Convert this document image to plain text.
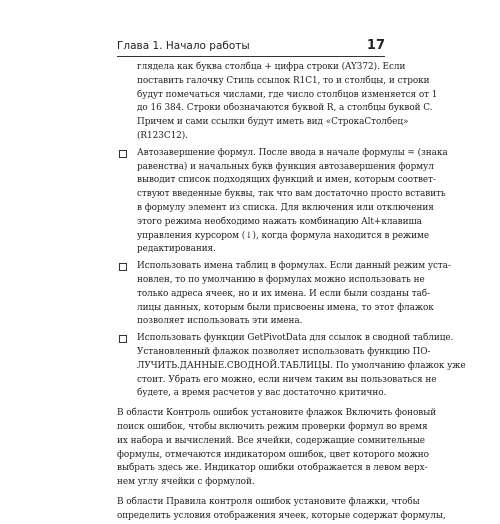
Глава 1. Начало работы	17
глядела как буква столбца + цифра строки (AY372). Если
поставить галочку Стиль ссылок R1C1, то и столбцы, и строки
будут помечаться числами, где число столбцов изменяется от 1
до 16 384. Строки обозначаются буквой R, а столбцы буквой C.
Причем и сами ссылки будут иметь вид «СтрокаСтолбец»
(R123C12).
Автозавершение формул. После ввода в начале формулы = (знака
равенства) и начальных букв функция автозавершения формул
выводит список подходящих функций и имен, которым соответ-
ствуют введенные буквы, так что вам достаточно просто вставить
в формулу элемент из списка. Для включения или отключения
этого режима необходимо нажать комбинацию Alt+клавиша
управления курсором (↓), когда формула находится в режиме
редактирования.
Использовать имена таблиц в формулах. Если данный режим уста-
новлен, то по умолчанию в формулах можно использовать не
только адреса ячеек, но и их имена. И если были созданы таб-
лицы данных, которым были присвоены имена, то этот флажок
позволяет использовать эти имена.
Использовать функции GetPivotData для ссылок в сводной таблице.
Установленный флажок позволяет использовать функцию ПО-
ЛУЧИТЬ.ДАННЫЕ.СВОДНОЙ.ТАБЛИЦЫ. По умолчанию флажок уже
стоит. Убрать его можно, если ничем таким вы пользоваться не
будете, а время расчетов у вас достаточно критично.
В области Контроль ошибок установите флажок Включить фоновый
поиск ошибок, чтобы включить режим проверки формул во время
их набора и вычислений. Все ячейки, содержащие сомнительные
формулы, отмечаются индикатором ошибок, цвет которого можно
выбрать здесь же. Индикатор ошибки отображается в левом верх-
нем углу ячейки с формулой.
В области Правила контроля ошибок установите флажки, чтобы
определить условия отображения ячеек, которые содержат формулы,
